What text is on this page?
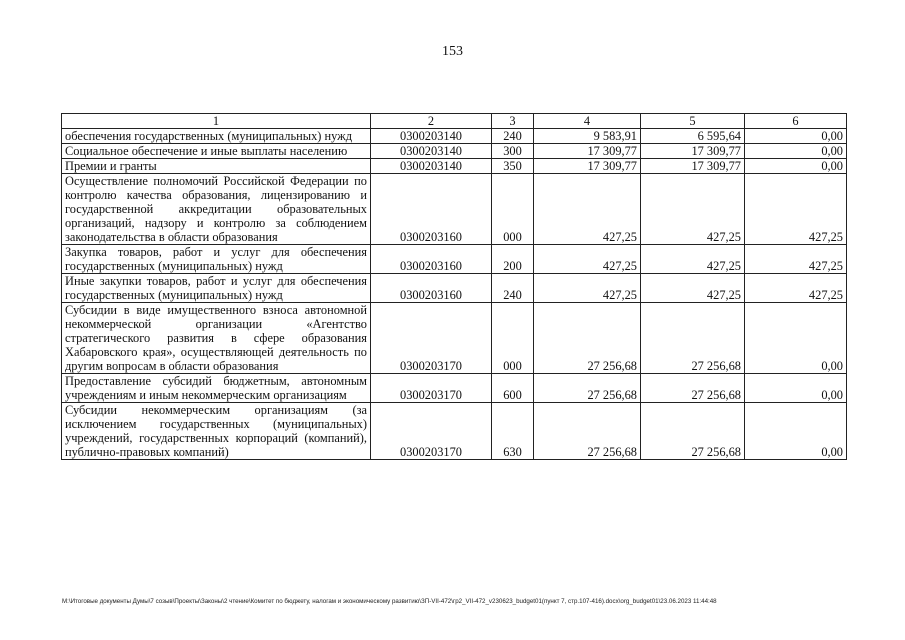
153
1	2	3	4	5	6
обеспечения государственных (муниципальных) нужд	0300203140	240	9 583,91	6 595,64	0,00
Социальное обеспечение и иные выплаты населению	0300203140	300	17 309,77	17 309,77	0,00
Премии и гранты	0300203140	350	17 309,77	17 309,77	0,00
Осуществление полномочий Российской Федерации по контролю качества образования, лицензированию и государственной аккредитации образовательных организаций, надзору и контролю за соблюдением законодательства в области образования	0300203160	000	427,25	427,25	427,25
Закупка товаров, работ и услуг для обеспечения государственных (муниципальных) нужд	0300203160	200	427,25	427,25	427,25
Иные закупки товаров, работ и услуг для обеспечения государственных (муниципальных) нужд	0300203160	240	427,25	427,25	427,25
Субсидии в виде имущественного взноса автономной некоммерческой организации «Агентство стратегического развития в сфере образования Хабаровского края», осуществляющей деятельность по другим вопросам в области образования	0300203170	000	27 256,68	27 256,68	0,00
Предоставление субсидий бюджетным, автономным учреждениям и иным некоммерческим организациям	0300203170	600	27 256,68	27 256,68	0,00
Субсидии некоммерческим организациям (за исключением государственных (муниципальных) учреждений, государственных корпораций (компаний), публично-правовых компаний)	0300203170	630	27 256,68	27 256,68	0,00
M:\Итоговые документы Думы\7 созыв\Проекты\Законы\2 чтение\Комитет по бюджету, налогам и экономическому развитию\ЗП-VII-472\гр2_VII-472_v230623_budget01(пункт 7, стр.107-416).docx\org_budget01\23.06.2023 11:44:48
